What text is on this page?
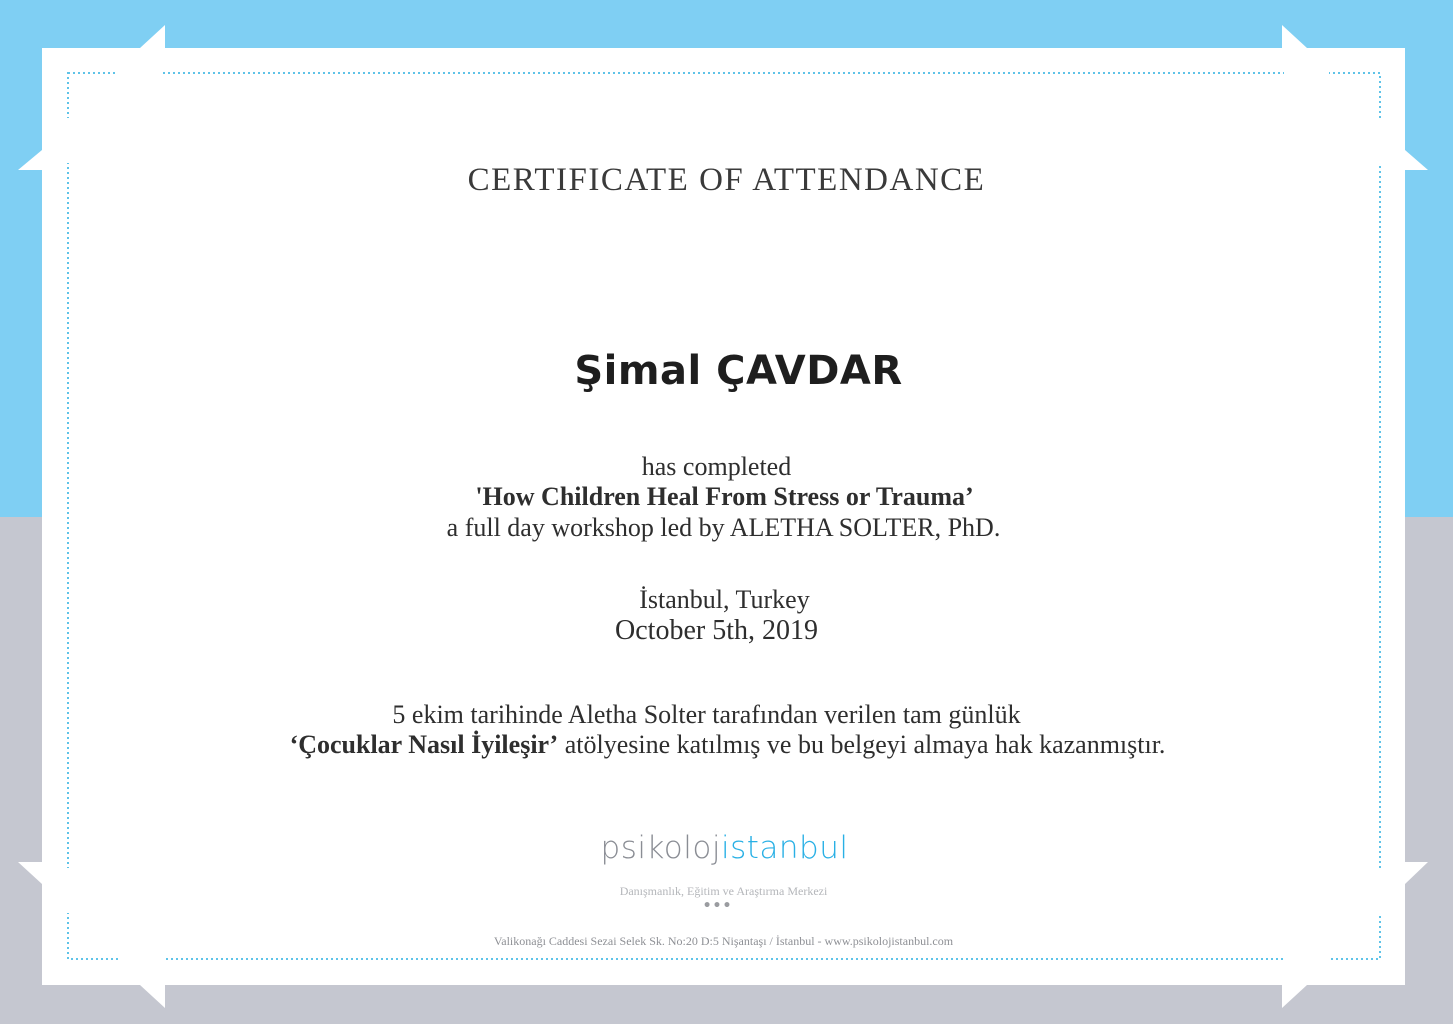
CERTIFICATE OF ATTENDANCE
Şimal ÇAVDAR
has completed
'How Children Heal From Stress or Trauma’
a full day workshop led by ALETHA SOLTER, PhD.
İstanbul, Turkey
October 5th, 2019
5 ekim tarihinde Aletha Solter tarafından verilen tam günlük
‘Çocuklar Nasıl İyileşir’ atölyesine katılmış ve bu belgeyi almaya hak kazanmıştır.
psikolojistanbul
Danışmanlık, Eğitim ve Araştırma Merkezi
•••
Valikonağı Caddesi Sezai Selek Sk. No:20 D:5 Nişantaşı / İstanbul - www.psikolojistanbul.com
